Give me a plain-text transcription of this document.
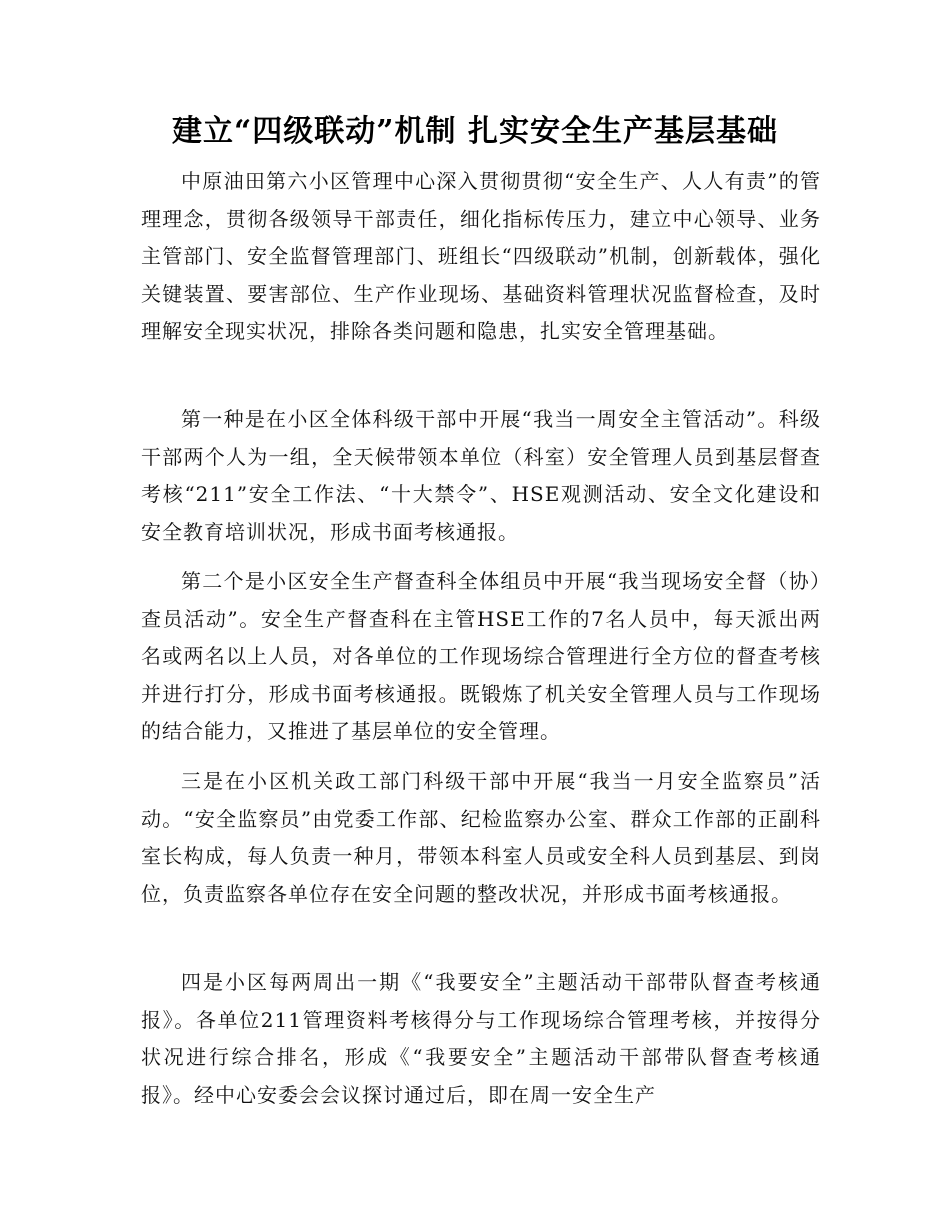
建立“四级联动”机制 扎实安全生产基层基础

中原油田第六小区管理中心深入贯彻贯彻“安全生产、人人有责”的管理理念，贯彻各级领导干部责任，细化指标传压力，建立中心领导、业务主管部门、安全监督管理部门、班组长“四级联动”机制，创新载体，强化关键装置、要害部位、生产作业现场、基础资料管理状况监督检查，及时理解安全现实状况，排除各类问题和隐患，扎实安全管理基础。

第一种是在小区全体科级干部中开展“我当一周安全主管活动”。科级干部两个人为一组，全天候带领本单位（科室）安全管理人员到基层督查考核“211”安全工作法、“十大禁令”、HSE观测活动、安全文化建设和安全教育培训状况，形成书面考核通报。

第二个是小区安全生产督查科全体组员中开展“我当现场安全督（协）查员活动”。安全生产督查科在主管HSE工作的7名人员中，每天派出两名或两名以上人员，对各单位的工作现场综合管理进行全方位的督查考核并进行打分，形成书面考核通报。既锻炼了机关安全管理人员与工作现场的结合能力，又推进了基层单位的安全管理。

三是在小区机关政工部门科级干部中开展“我当一月安全监察员”活动。“安全监察员”由党委工作部、纪检监察办公室、群众工作部的正副科室长构成，每人负责一种月，带领本科室人员或安全科人员到基层、到岗位，负责监察各单位存在安全问题的整改状况，并形成书面考核通报。

四是小区每两周出一期《“我要安全”主题活动干部带队督查考核通报》。各单位211管理资料考核得分与工作现场综合管理考核，并按得分状况进行综合排名，形成《“我要安全”主题活动干部带队督查考核通报》。经中心安委会会议探讨通过后，即在周一安全生产
